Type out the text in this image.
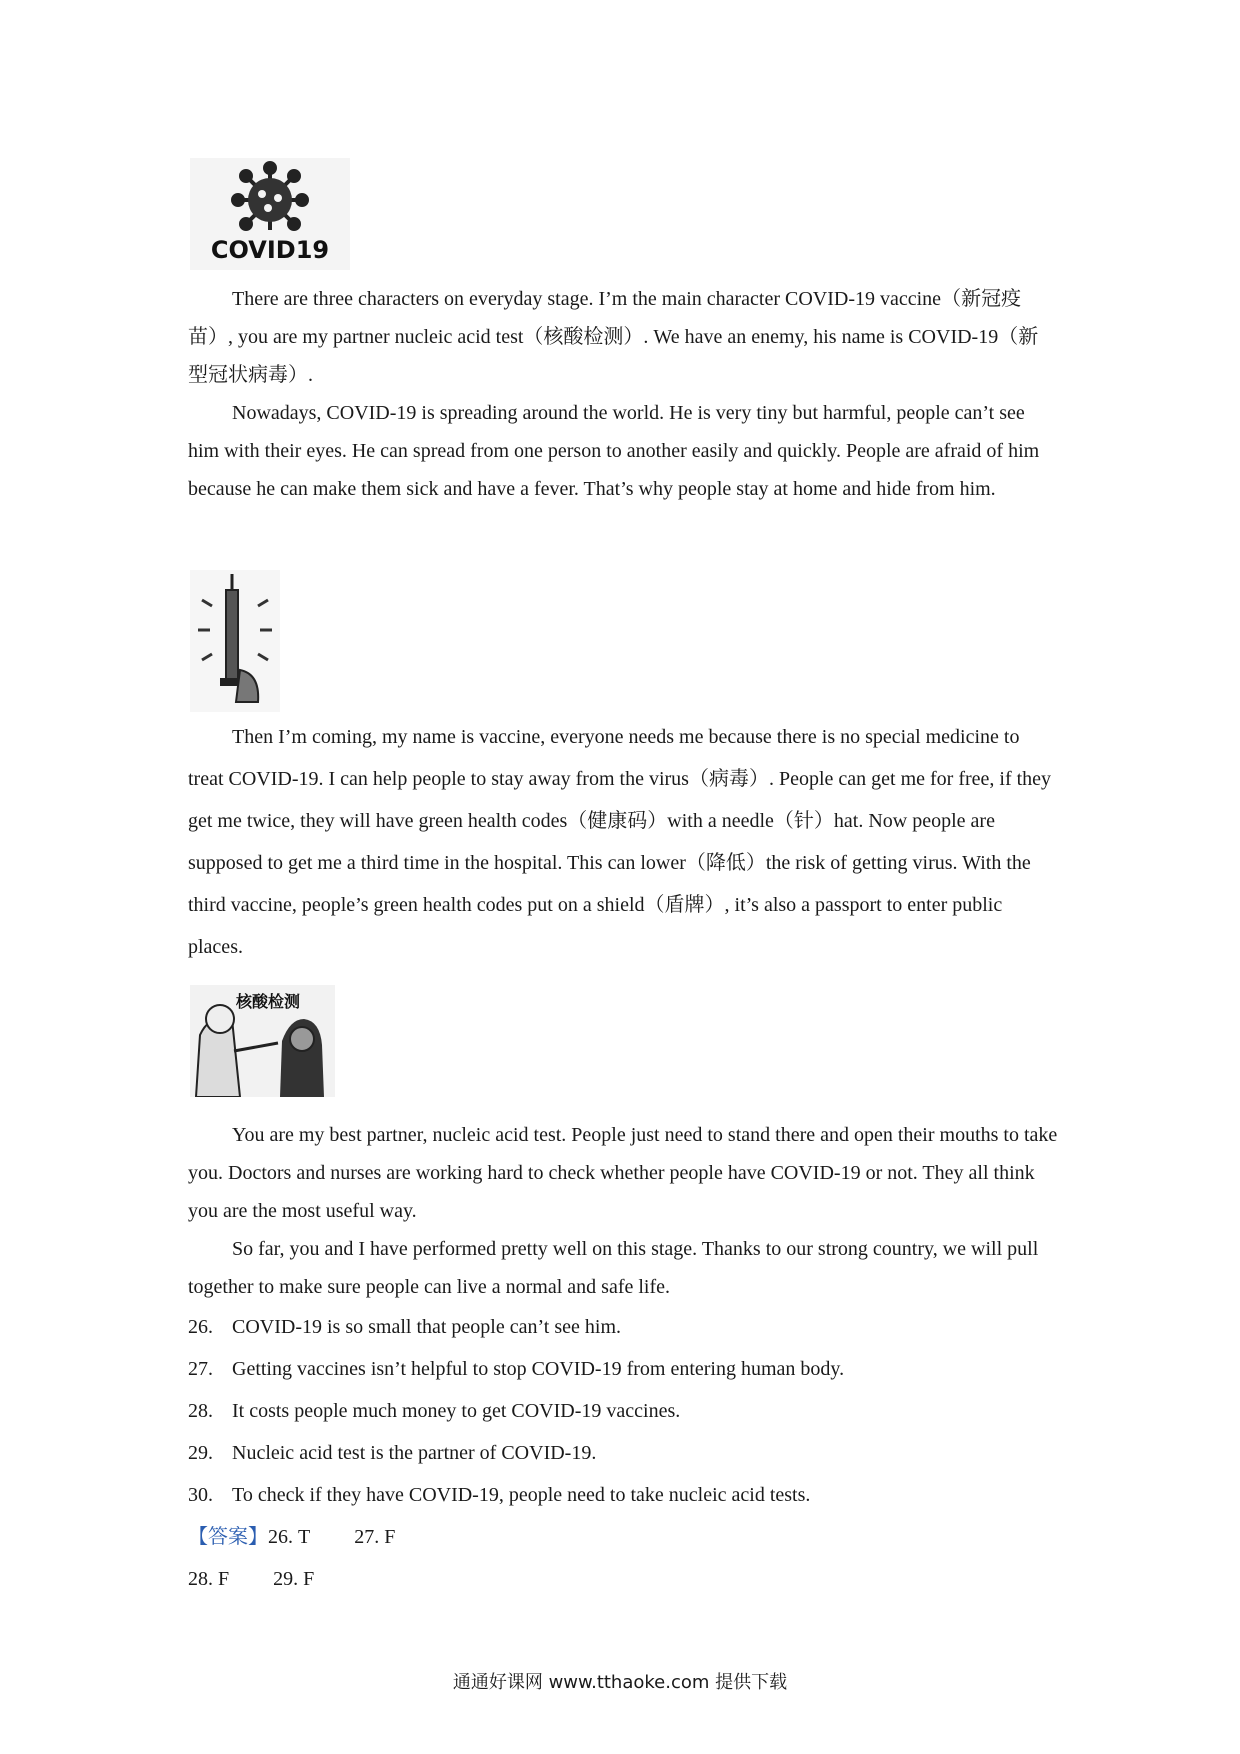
COVID19

There are three characters on everyday stage. I’m the main character COVID-19 vaccine（新冠疫苗）, you are my partner nucleic acid test（核酸检测）. We have an enemy, his name is COVID-19（新型冠状病毒）.

Nowadays, COVID-19 is spreading around the world. He is very tiny but harmful, people can’t see him with their eyes. He can spread from one person to another easily and quickly. People are afraid of him because he can make them sick and have a fever. That’s why people stay at home and hide from him.

Then I’m coming, my name is vaccine, everyone needs me because there is no special medicine to treat COVID-19. I can help people to stay away from the virus（病毒）. People can get me for free, if they get me twice, they will have green health codes（健康码）with a needle（针）hat. Now people are supposed to get me a third time in the hospital. This can lower（降低）the risk of getting virus. With the third vaccine, people’s green health codes put on a shield（盾牌）, it’s also a passport to enter public places.

核酸检测

You are my best partner, nucleic acid test. People just need to stand there and open their mouths to take you. Doctors and nurses are working hard to check whether people have COVID-19 or not. They all think you are the most useful way.

So far, you and I have performed pretty well on this stage. Thanks to our strong country, we will pull together to make sure people can live a normal and safe life.

26. COVID-19 is so small that people can’t see him.
27. Getting vaccines isn’t helpful to stop COVID-19 from entering human body.
28. It costs people much money to get COVID-19 vaccines.
29. Nucleic acid test is the partner of COVID-19.
30. To check if they have COVID-19, people need to take nucleic acid tests.
【答案】26. T 27. F
28. F 29. F
通通好课网 www.tthaoke.com 提供下载
